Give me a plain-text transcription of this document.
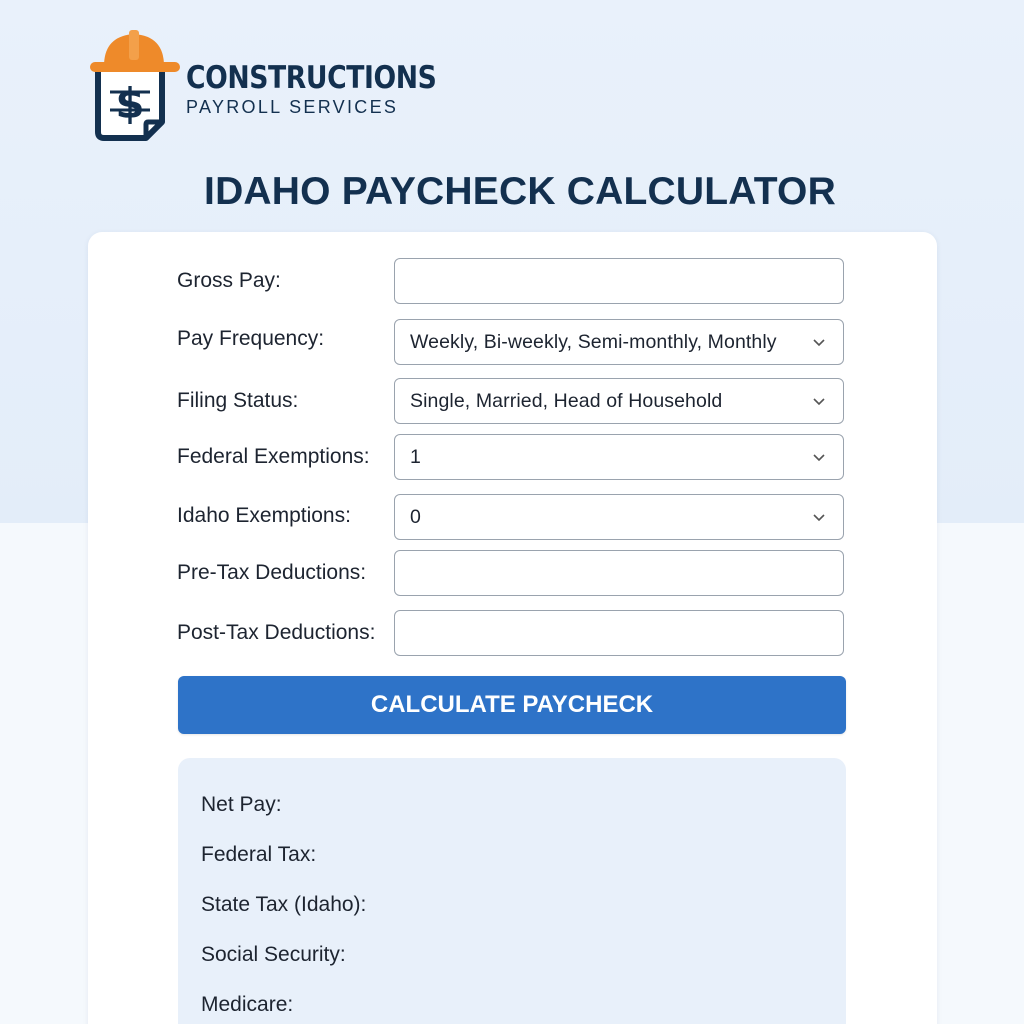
$
CONSTRUCTIONS
PAYROLL SERVICES
IDAHO PAYCHECK CALCULATOR
Gross Pay:
Pay Frequency:	Weekly, Bi-weekly, Semi-monthly, Monthly
Filing Status:	Single, Married, Head of Household
Federal Exemptions: 1
Idaho Exemptions:	0
Pre-Tax Deductions:
Post-Tax Deductions:
CALCULATE PAYCHECK
Net Pay:
Federal Tax:
State Tax (Idaho):
Social Security:
Medicare:
